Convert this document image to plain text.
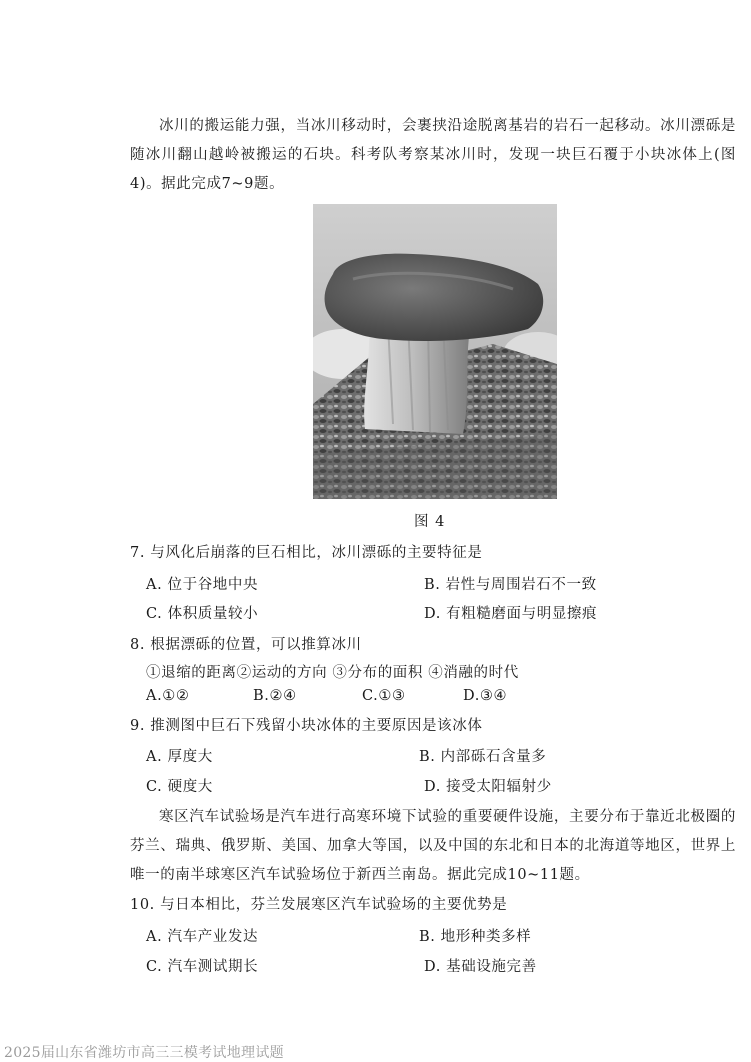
冰川的搬运能力强，当冰川移动时，会裹挟沿途脱离基岩的岩石一起移动。冰川漂砾是随冰川翻山越岭被搬运的石块。科考队考察某冰川时，发现一块巨石覆于小块冰体上(图4)。据此完成7~9题。

图 4
7. 与风化后崩落的巨石相比，冰川漂砾的主要特征是
A. 位于谷地中央	B. 岩性与周围岩石不一致
C. 体积质量较小	D. 有粗糙磨面与明显擦痕
8. 根据漂砾的位置，可以推算冰川
①退缩的距离②运动的方向 ③分布的面积 ④消融的时代
A.①②	B.②④	C.①③	D.③④
9. 推测图中巨石下残留小块冰体的主要原因是该冰体
A. 厚度大	B. 内部砾石含量多
C. 硬度大	D. 接受太阳辐射少

寒区汽车试验场是汽车进行高寒环境下试验的重要硬件设施，主要分布于靠近北极圈的芬兰、瑞典、俄罗斯、美国、加拿大等国，以及中国的东北和日本的北海道等地区，世界上唯一的南半球寒区汽车试验场位于新西兰南岛。据此完成10~11题。

10. 与日本相比，芬兰发展寒区汽车试验场的主要优势是
A. 汽车产业发达	B. 地形种类多样
C. 汽车测试期长	D. 基础设施完善
2025届山东省潍坊市高三三模考试地理试题
